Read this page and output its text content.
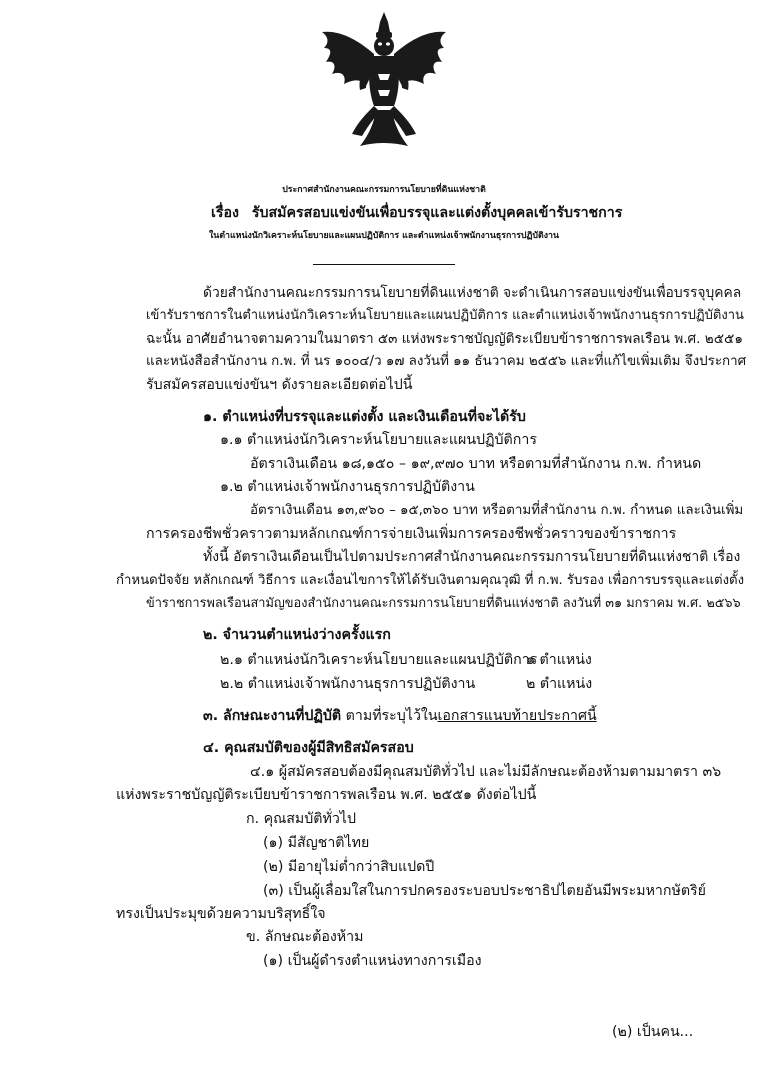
ประกาศสำนักงานคณะกรรมการนโยบายที่ดินแห่งชาติ
เรื่อง รับสมัครสอบแข่งขันเพื่อบรรจุและแต่งตั้งบุคคลเข้ารับราชการ
ในตำแหน่งนักวิเคราะห์นโยบายและแผนปฏิบัติการ และตำแหน่งเจ้าพนักงานธุรการปฏิบัติงาน
ด้วยสำนักงานคณะกรรมการนโยบายที่ดินแห่งชาติ จะดำเนินการสอบแข่งขันเพื่อบรรจุบุคคล
เข้ารับราชการในตำแหน่งนักวิเคราะห์นโยบายและแผนปฏิบัติการ และตำแหน่งเจ้าพนักงานธุรการปฏิบัติงาน
ฉะนั้น อาศัยอำนาจตามความในมาตรา ๕๓ แห่งพระราชบัญญัติระเบียบข้าราชการพลเรือน พ.ศ. ๒๕๕๑
และหนังสือสำนักงาน ก.พ. ที่ นร ๑๐๐๔/ว ๑๗ ลงวันที่ ๑๑ ธันวาคม ๒๕๕๖ และที่แก้ไขเพิ่มเติม จึงประกาศ
รับสมัครสอบแข่งขันฯ ดังรายละเอียดต่อไปนี้
๑. ตำแหน่งที่บรรจุและแต่งตั้ง และเงินเดือนที่จะได้รับ
๑.๑ ตำแหน่งนักวิเคราะห์นโยบายและแผนปฏิบัติการ
อัตราเงินเดือน ๑๘,๑๕๐ – ๑๙,๙๗๐ บาท หรือตามที่สำนักงาน ก.พ. กำหนด
๑.๒ ตำแหน่งเจ้าพนักงานธุรการปฏิบัติงาน
อัตราเงินเดือน ๑๓,๙๖๐ – ๑๕,๓๖๐ บาท หรือตามที่สำนักงาน ก.พ. กำหนด และเงินเพิ่ม
การครองชีพชั่วคราวตามหลักเกณฑ์การจ่ายเงินเพิ่มการครองชีพชั่วคราวของข้าราชการ
ทั้งนี้ อัตราเงินเดือนเป็นไปตามประกาศสำนักงานคณะกรรมการนโยบายที่ดินแห่งชาติ เรื่อง
กำหนดปัจจัย หลักเกณฑ์ วิธีการ และเงื่อนไขการให้ได้รับเงินตามคุณวุฒิ ที่ ก.พ. รับรอง เพื่อการบรรจุและแต่งตั้ง
ข้าราชการพลเรือนสามัญของสำนักงานคณะกรรมการนโยบายที่ดินแห่งชาติ ลงวันที่ ๓๑ มกราคม พ.ศ. ๒๕๖๖
๒. จำนวนตำแหน่งว่างครั้งแรก
๒.๑ ตำแหน่งนักวิเคราะห์นโยบายและแผนปฏิบัติการ
๑ ตำแหน่ง
๒.๒ ตำแหน่งเจ้าพนักงานธุรการปฏิบัติงาน	๒ ตำแหน่ง
๓. ลักษณะงานที่ปฏิบัติ ตามที่ระบุไว้ในเอกสารแนบท้ายประกาศนี้
๔. คุณสมบัติของผู้มีสิทธิสมัครสอบ
๔.๑ ผู้สมัครสอบต้องมีคุณสมบัติทั่วไป และไม่มีลักษณะต้องห้ามตามมาตรา ๓๖
แห่งพระราชบัญญัติระเบียบข้าราชการพลเรือน พ.ศ. ๒๕๕๑ ดังต่อไปนี้
ก. คุณสมบัติทั่วไป
(๑) มีสัญชาติไทย
(๒) มีอายุไม่ต่ำกว่าสิบแปดปี
(๓) เป็นผู้เลื่อมใสในการปกครองระบอบประชาธิปไตยอันมีพระมหากษัตริย์
ทรงเป็นประมุขด้วยความบริสุทธิ์ใจ
ข. ลักษณะต้องห้าม
(๑) เป็นผู้ดำรงตำแหน่งทางการเมือง
(๒) เป็นคน...
